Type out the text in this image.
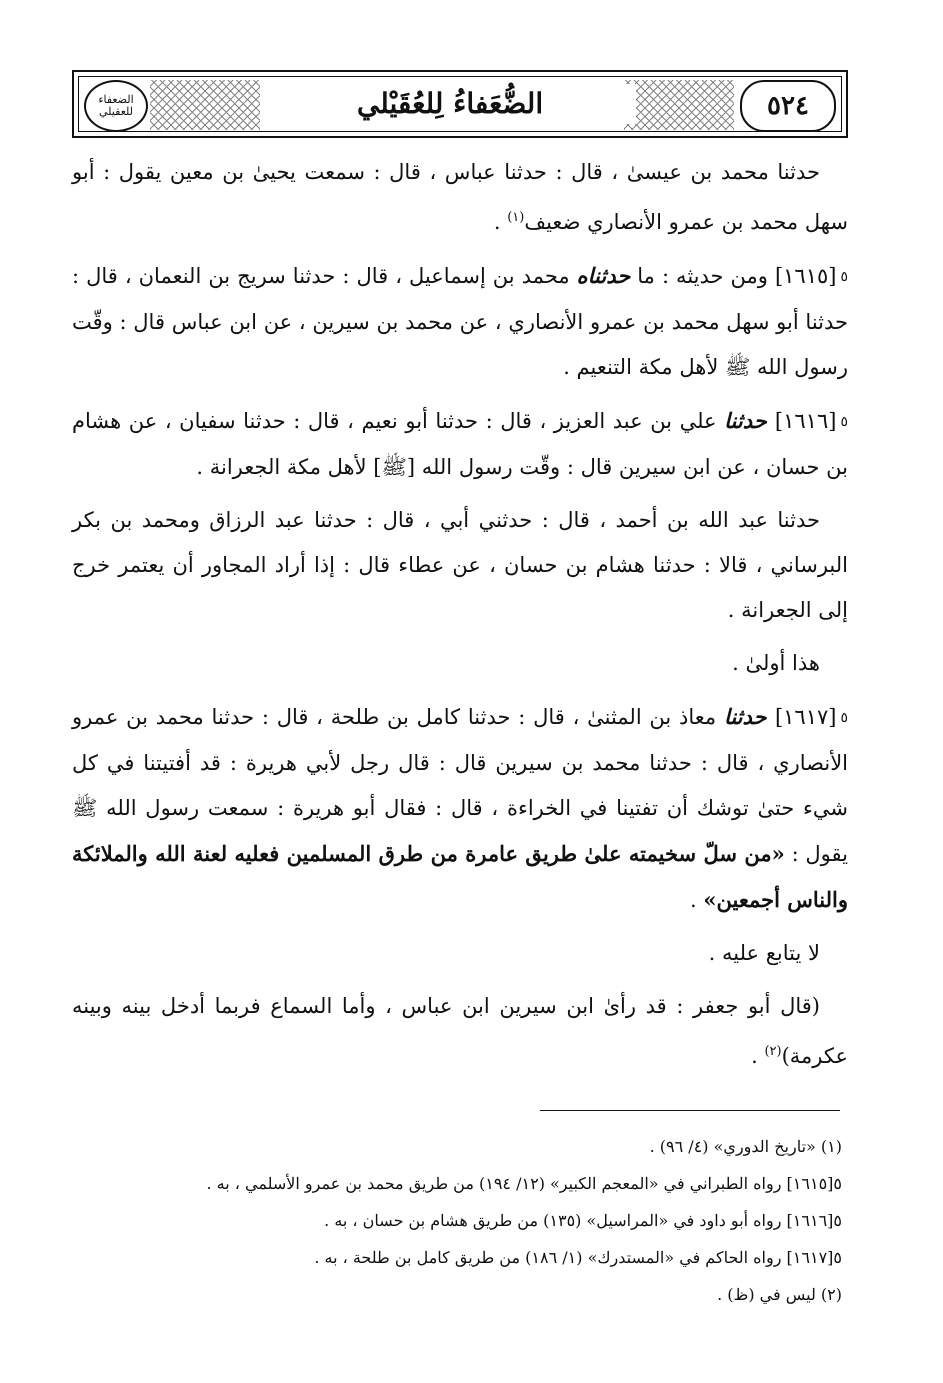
٥٢٤
الضعفاء للعقيلي	الضُّعَفاءُ لِلعُقَيْلي

حدثنا محمد بن عيسىٰ ، قال : حدثنا عباس ، قال : سمعت يحيىٰ بن معين يقول : أبو سهل محمد بن عمرو الأنصاري ضعيف$^{(١)}$ .

٥[١٦١٥] ومن حديثه : ما حدثناه محمد بن إسماعيل ، قال : حدثنا سريج بن النعمان ، قال : حدثنا أبو سهل محمد بن عمرو الأنصاري ، عن محمد بن سيرين ، عن ابن عباس قال : وقّت رسول الله ﷺ لأهل مكة التنعيم .

٥[١٦١٦] حدثنا علي بن عبد العزيز ، قال : حدثنا أبو نعيم ، قال : حدثنا سفيان ، عن هشام بن حسان ، عن ابن سيرين قال : وقّت رسول الله [ﷺ] لأهل مكة الجعرانة .

حدثنا عبد الله بن أحمد ، قال : حدثني أبي ، قال : حدثنا عبد الرزاق ومحمد بن بكر البرساني ، قالا : حدثنا هشام بن حسان ، عن عطاء قال : إذا أراد المجاور أن يعتمر خرج إلى الجعرانة .

هذا أولىٰ .

٥[١٦١٧] حدثنا معاذ بن المثنىٰ ، قال : حدثنا كامل بن طلحة ، قال : حدثنا محمد بن عمرو الأنصاري ، قال : حدثنا محمد بن سيرين قال : قال رجل لأبي هريرة : قد أفتيتنا في كل شيء حتىٰ توشك أن تفتينا في الخراءة ، قال : فقال أبو هريرة : سمعت رسول الله ﷺ يقول : «من سلّ سخيمته علىٰ طريق عامرة من طرق المسلمين فعليه لعنة الله والملائكة والناس أجمعين» .

لا يتابع عليه .

(قال أبو جعفر : قد رأىٰ ابن سيرين ابن عباس ، وأما السماع فربما أدخل بينه وبينه عكرمة)$^{(٢)}$ .

(١) «تاريخ الدوري» (٤/ ٩٦) .
٥[١٦١٥] رواه الطبراني في «المعجم الكبير» (١٢/ ١٩٤) من طريق محمد بن عمرو الأسلمي ، به .
٥[١٦١٦] رواه أبو داود في «المراسيل» (١٣٥) من طريق هشام بن حسان ، به .
٥[١٦١٧] رواه الحاكم في «المستدرك» (١/ ١٨٦) من طريق كامل بن طلحة ، به .
(٢) ليس في (ظ) .
